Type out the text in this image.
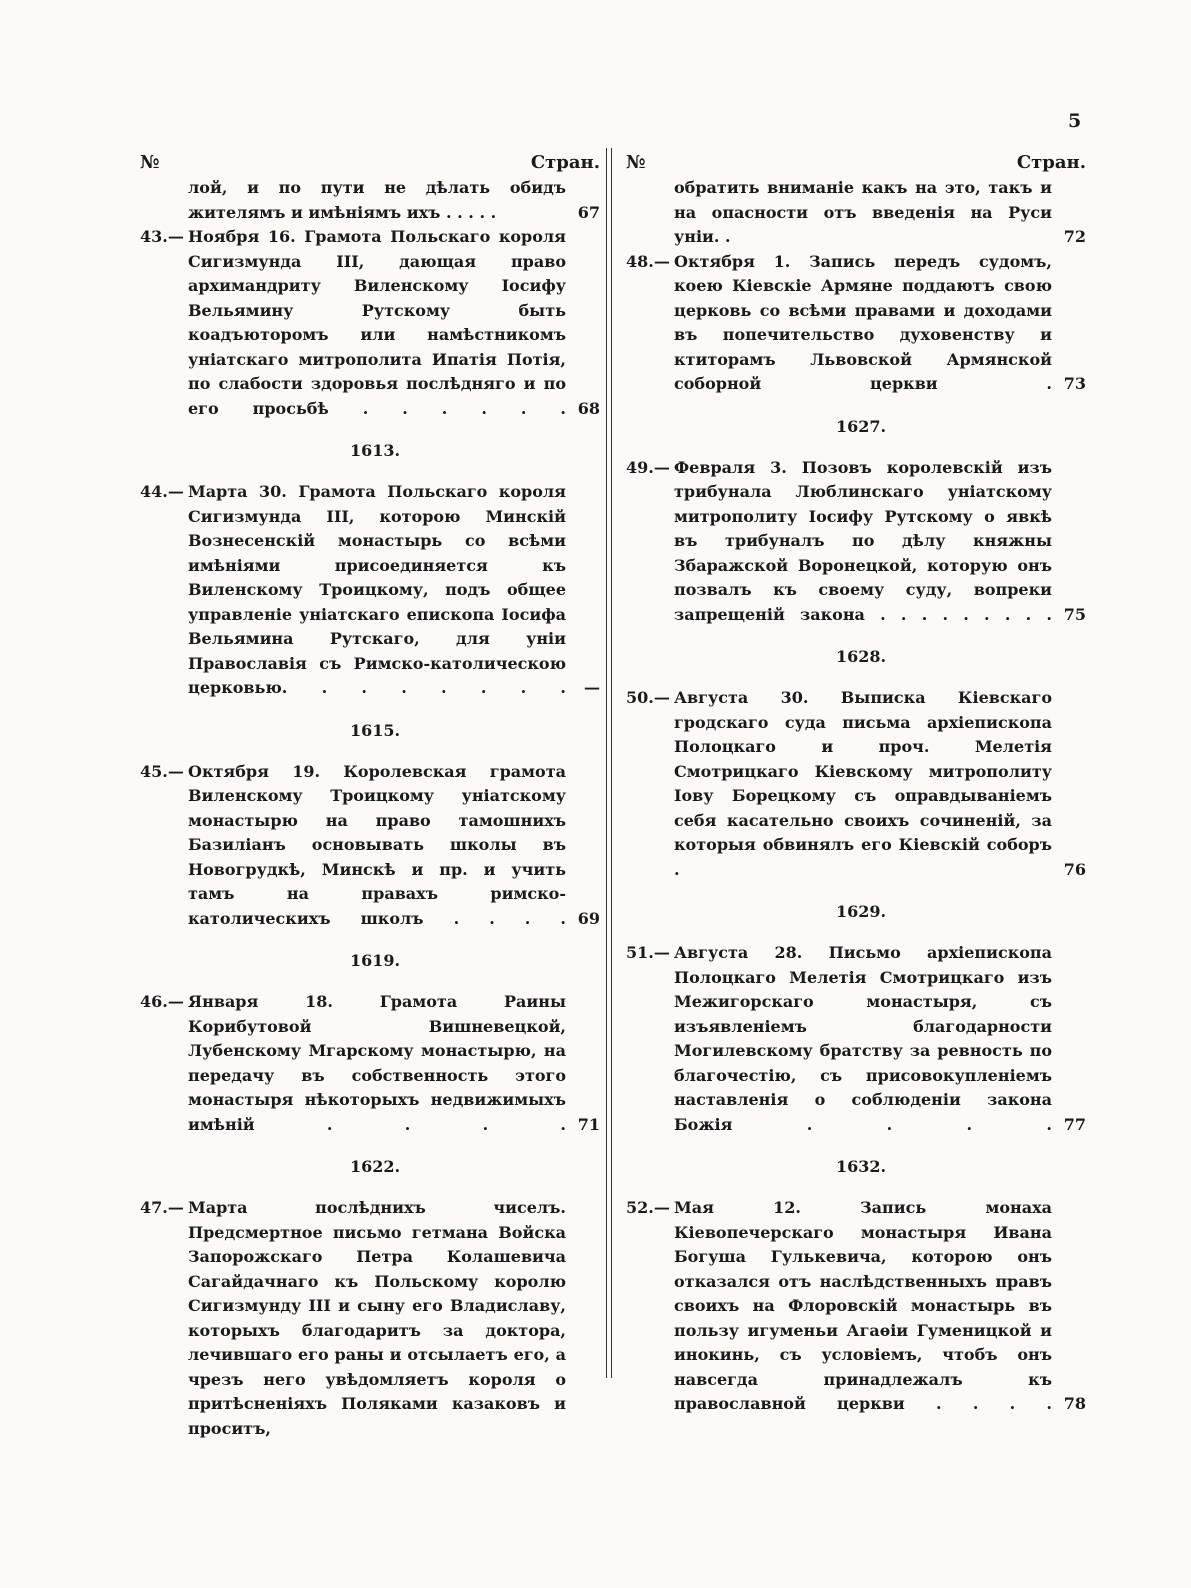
5

№	Стран.
лой, и по пути не дѣлать обидъ жителямъ и имѣніямъ ихъ . . . . .	67
43.— Ноября 16. Грамота Польскаго короля Сигизмунда III, дающая право архимандриту Виленскому Іосифу Вельямину Рутскому быть коадъюторомъ или намѣстникомъ уніатскаго митрополита Ипатія Потія, по слабости здоровья послѣдняго и по его просьбѣ . . . . . . 68
1613.
44.— Марта 30. Грамота Польскаго короля Сигизмунда III, которою Минскій Вознесенскій монастырь со всѣми имѣніями присоединяется къ Виленскому Троицкому, подъ общее управленіе уніатскаго епископа Іосифа Вельямина Рутскаго, для уніи Православія съ Римско-католическою церковью. . . . . . . .	—
1615.
45.— Октября 19. Королевская грамота Виленскому Троицкому уніатскому монастырю на право тамошнихъ Базиліанъ основывать школы въ Новогрудкѣ, Минскѣ и пр. и учить тамъ на правахъ римско-католическихъ школъ . . . . 69
1619.
46.— Января 18. Грамота Раины Корибутовой Вишневецкой, Лубенскому Мгарскому монастырю, на передачу въ собственность этого монастыря нѣкоторыхъ недвижимыхъ имѣній . . . . 71
1622.
47.— Марта послѣднихъ чиселъ. Предсмертное письмо гетмана Войска Запорожскаго Петра Колашевича Сагайдачнаго къ Польскому королю Сигизмунду III и сыну его Владиславу, которыхъ благодаритъ за доктора, лечившаго его раны и отсылаетъ его, а чрезъ него увѣдомляетъ короля о притѣсненіяхъ Поляками казаковъ и проситъ,
№	Стран.
обратить вниманіе какъ на это, такъ и на опасности отъ введенія на Руси уніи. .	72
48.— Октября 1. Запись передъ судомъ, коею Кіевскіе Армяне поддаютъ свою церковь со всѣми правами и доходами въ попечительство духовенству и ктиторамъ Львовской Армянской соборной церкви . 73
1627.
49.— Февраля 3. Позовъ королевскій изъ трибунала Люблинскаго уніатскому митрополиту Іосифу Рутскому о явкѣ въ трибуналъ по дѣлу княжны Збаражской Воронецкой, которую онъ позвалъ къ своему суду, вопреки запрещеній закона . . . . . . . . . 75
1628.
50.— Августа 30. Выписка Кіевскаго гродскаго суда письма архіепископа Полоцкаго и проч. Мелетія Смотрицкаго Кіевскому митрополиту Іову Борецкому съ оправдываніемъ себя касательно своихъ сочиненій, за которыя обвинялъ его Кіевскій соборъ .	76
1629.
51.— Августа 28. Письмо архіепископа Полоцкаго Мелетія Смотрицкаго изъ Межигорскаго монастыря, съ изъявленіемъ благодарности Могилевскому братству за ревность по благочестію, съ присовокупленіемъ наставленія о соблюденіи закона Божія . . . . 77
1632.
52.— Мая 12. Запись монаха Кіевопечерскаго монастыря Ивана Богуша Гулькевича, которою онъ отказался отъ наслѣдственныхъ правъ своихъ на Флоровскій монастырь въ пользу игуменьи Агаѳіи Гуменицкой и инокинь, съ условіемъ, чтобъ онъ навсегда принадлежалъ къ православной церкви . . . . 78
